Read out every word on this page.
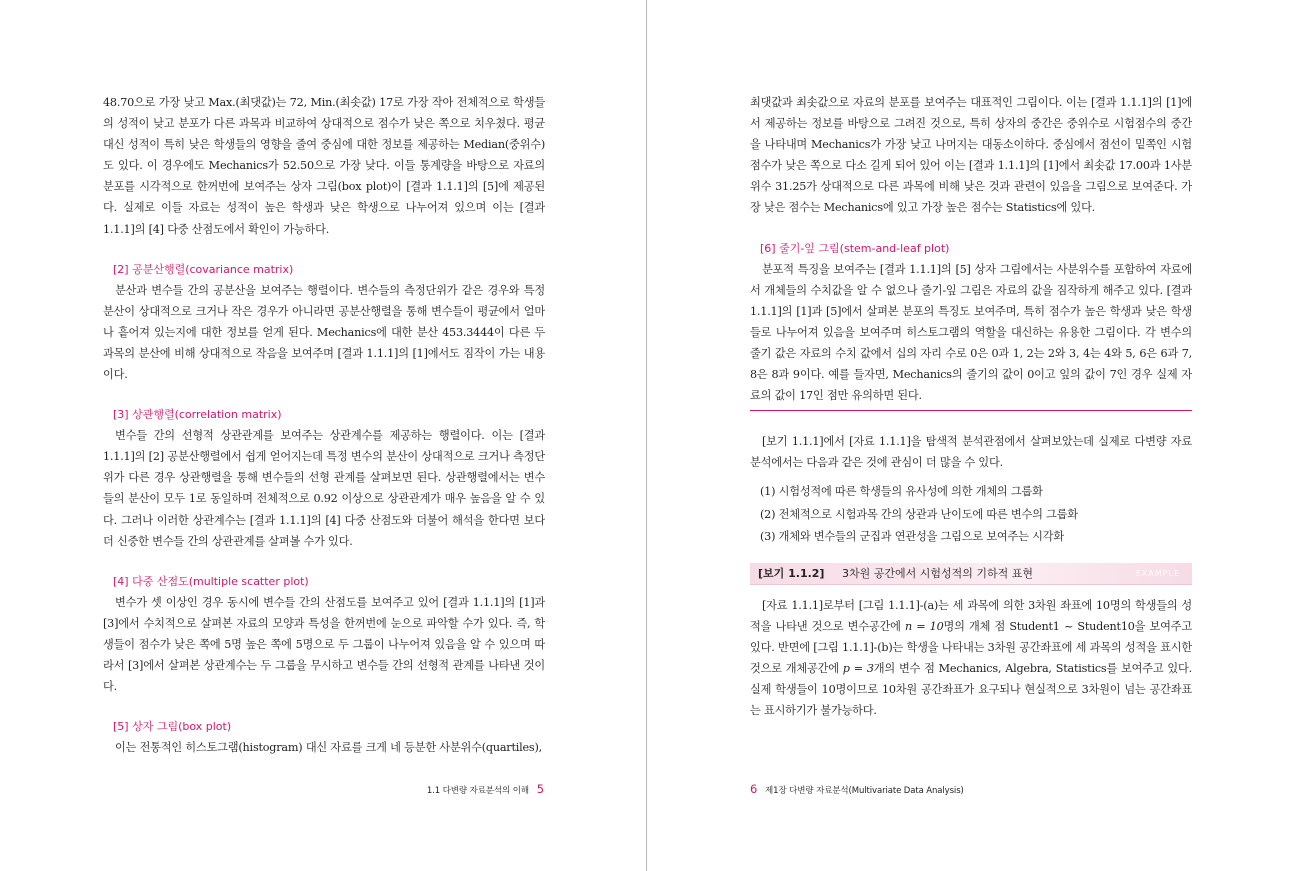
48.70으로 가장 낮고 Max.(최댓값)는 72, Min.(최솟값) 17로 가장 작아 전체적으로 학생들의 성적이 낮고 분포가 다른 과목과 비교하여 상대적으로 점수가 낮은 쪽으로 치우쳤다. 평균 대신 성적이 특히 낮은 학생들의 영향을 줄여 중심에 대한 정보를 제공하는 Median(중위수)도 있다. 이 경우에도 Mechanics가 52.50으로 가장 낮다. 이들 통계량을 바탕으로 자료의 분포를 시각적으로 한꺼번에 보여주는 상자 그림(box plot)이 [결과 1.1.1]의 [5]에 제공된다. 실제로 이들 자료는 성적이 높은 학생과 낮은 학생으로 나누어져 있으며 이는 [결과 1.1.1]의 [4] 다중 산점도에서 확인이 가능하다.

[2] 공분산행렬(covariance matrix)

분산과 변수들 간의 공분산을 보여주는 행렬이다. 변수들의 측정단위가 같은 경우와 특정 분산이 상대적으로 크거나 작은 경우가 아니라면 공분산행렬을 통해 변수들이 평균에서 얼마나 흩어져 있는지에 대한 정보를 얻게 된다. Mechanics에 대한 분산 453.3444이 다른 두 과목의 분산에 비해 상대적으로 작음을 보여주며 [결과 1.1.1]의 [1]에서도 짐작이 가는 내용이다.

[3] 상관행렬(correlation matrix)

변수들 간의 선형적 상관관계를 보여주는 상관계수를 제공하는 행렬이다. 이는 [결과 1.1.1]의 [2] 공분산행렬에서 쉽게 얻어지는데 특정 변수의 분산이 상대적으로 크거나 측정단위가 다른 경우 상관행렬을 통해 변수들의 선형 관계를 살펴보면 된다. 상관행렬에서는 변수들의 분산이 모두 1로 동일하며 전체적으로 0.92 이상으로 상관관계가 매우 높음을 알 수 있다. 그러나 이러한 상관계수는 [결과 1.1.1]의 [4] 다중 산점도와 더불어 해석을 한다면 보다 더 신중한 변수들 간의 상관관계를 살펴볼 수가 있다.

[4] 다중 산점도(multiple scatter plot)

변수가 셋 이상인 경우 동시에 변수들 간의 산점도를 보여주고 있어 [결과 1.1.1]의 [1]과 [3]에서 수치적으로 살펴본 자료의 모양과 특성을 한꺼번에 눈으로 파악할 수가 있다. 즉, 학생들이 점수가 낮은 쪽에 5명 높은 쪽에 5명으로 두 그룹이 나누어져 있음을 알 수 있으며 따라서 [3]에서 살펴본 상관계수는 두 그룹을 무시하고 변수들 간의 선형적 관계를 나타낸 것이다.

[5] 상자 그림(box plot)

이는 전통적인 히스토그램(histogram) 대신 자료를 크게 네 등분한 사분위수(quartiles),

1.1 다변량 자료분석의 이해 5

최댓값과 최솟값으로 자료의 분포를 보여주는 대표적인 그림이다. 이는 [결과 1.1.1]의 [1]에서 제공하는 정보를 바탕으로 그려진 것으로, 특히 상자의 중간은 중위수로 시험점수의 중간을 나타내며 Mechanics가 가장 낮고 나머지는 대동소이하다. 중심에서 점선이 밑쪽인 시험 점수가 낮은 쪽으로 다소 길게 되어 있어 이는 [결과 1.1.1]의 [1]에서 최솟값 17.00과 1사분위수 31.25가 상대적으로 다른 과목에 비해 낮은 것과 관련이 있음을 그림으로 보여준다. 가장 낮은 점수는 Mechanics에 있고 가장 높은 점수는 Statistics에 있다.

[6] 줄기-잎 그림(stem-and-leaf plot)

분포적 특징을 보여주는 [결과 1.1.1]의 [5] 상자 그림에서는 사분위수를 포함하여 자료에서 개체들의 수치값을 알 수 없으나 줄기-잎 그림은 자료의 값을 짐작하게 해주고 있다. [결과 1.1.1]의 [1]과 [5]에서 살펴본 분포의 특징도 보여주며, 특히 점수가 높은 학생과 낮은 학생들로 나누어져 있음을 보여주며 히스토그램의 역할을 대신하는 유용한 그림이다. 각 변수의 줄기 값은 자료의 수치 값에서 십의 자리 수로 0은 0과 1, 2는 2와 3, 4는 4와 5, 6은 6과 7, 8은 8과 9이다. 예를 들자면, Mechanics의 줄기의 값이 0이고 잎의 값이 7인 경우 실제 자료의 값이 17인 점만 유의하면 된다.

[보기 1.1.1]에서 [자료 1.1.1]을 탐색적 분석관점에서 살펴보았는데 실제로 다변량 자료분석에서는 다음과 같은 것에 관심이 더 많을 수 있다.

(1) 시험성적에 따른 학생들의 유사성에 의한 개체의 그룹화
(2) 전체적으로 시험과목 간의 상관과 난이도에 따른 변수의 그룹화
(3) 개체와 변수들의 군집과 연관성을 그림으로 보여주는 시각화
[보기 1.1.2] 3차원 공간에서 시험성적의 기하적 표현	EXAMPLE

[자료 1.1.1]로부터 [그림 1.1.1]-(a)는 세 과목에 의한 3차원 좌표에 10명의 학생들의 성적을 나타낸 것으로 변수공간에 n = 10명의 개체 점 Student1 ~ Student10을 보여주고 있다. 반면에 [그림 1.1.1]-(b)는 학생을 나타내는 3차원 공간좌표에 세 과목의 성적을 표시한 것으로 개체공간에 p = 3개의 변수 점 Mechanics, Algebra, Statistics를 보여주고 있다. 실제 학생들이 10명이므로 10차원 공간좌표가 요구되나 현실적으로 3차원이 넘는 공간좌표는 표시하기가 불가능하다.

6 제1장 다변량 자료분석(Multivariate Data Analysis)
